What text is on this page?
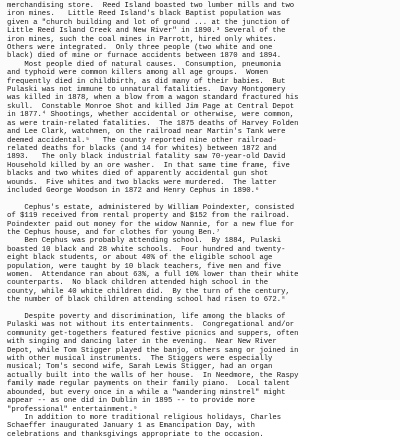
merchandising store.  Reed Island boasted two lumber mills and two
iron mines.   Little Reed Island's black Baptist population was
given a "church building and lot of ground ... at the junction of
Little Reed Island Creek and New River" in 1890.³ Several of the
iron mines, such the coal mines in Parrott, hired only whites.
Others were integrated.  Only three people (two white and one
black) died of mine or furnace accidents between 1870 and 1894.
Most people died of natural causes.  Consumption, pneumonia
and typhoid were common killers among all age groups.  Women
frequently died in childbirth, as did many of their babies.  But
Pulaski was not immune to unnatural fatalities.  Davy Montgomery
was killed in 1878, when a blow from a wagon standard fractured his
skull.  Constable Monroe Shot and killed Jim Page at Central Depot
in 1877.⁴ Shootings, whether accidental or otherwise, were common,
as were train-related fatalities.  The 1875 deaths of Harvey Folden
and Lee Clark, watchmen, on the railroad near Martin's Tank were
deemed accidental.⁵   The county reported nine other railroad-
related deaths for blacks (and 14 for whites) between 1872 and
1893.   The only black industrial fatality saw 70-year-old David
Household killed by an ore washer.  In that same time frame, five
blacks and two whites died of apparently accidental gun shot
wounds.  Five whites and two blacks were murdered.  The latter
included George Woodson in 1872 and Henry Cephus in 1890.⁶
Cephus's estate, administered by William Poindexter, consisted
of $119 received from rental property and $152 from the railroad.
Poindexter paid out money for the widow Nannie, for a new flue for
the Cephus house, and for clothes for young Ben.⁷
Ben Cephus was probably attending school.  By 1884, Pulaski
boasted 10 black and 28 white schools.  Four hundred and twenty-
eight black students, or about 40% of the eligible school age
population, were taught by 10 black teachers, five men and five
women.  Attendance ran about 63%, a full 10% lower than their white
counterparts.  No black children attended high school in the
county, while 40 white children did.  By the turn of the century,
the number of black children attending school had risen to 672.⁸
Despite poverty and discrimination, life among the blacks of
Pulaski was not without its entertainments.  Congregational and/or
community get-togethers featured festive picnics and suppers, often
with singing and dancing later in the evening.  Near New River
Depot, while Tom Stigger played the banjo, others sang or joined in
with other musical instruments.  The Stiggers were especially
musical; Tom's second wife, Sarah Lewis Stigger, had an organ
actually built into the walls of her house.  In Needmore, the Raspy
family made regular payments on their family piano.  Local talent
abounded, but every once in a while a "wandering minstrel" might
appear -- as one did in Dublin in 1895 -- to provide more
"professional" entertainment.⁹
In addition to more traditional religious holidays, Charles
Schaeffer inaugurated January 1 as Emancipation Day, with
celebrations and thanksgivings appropriate to the occasion.
